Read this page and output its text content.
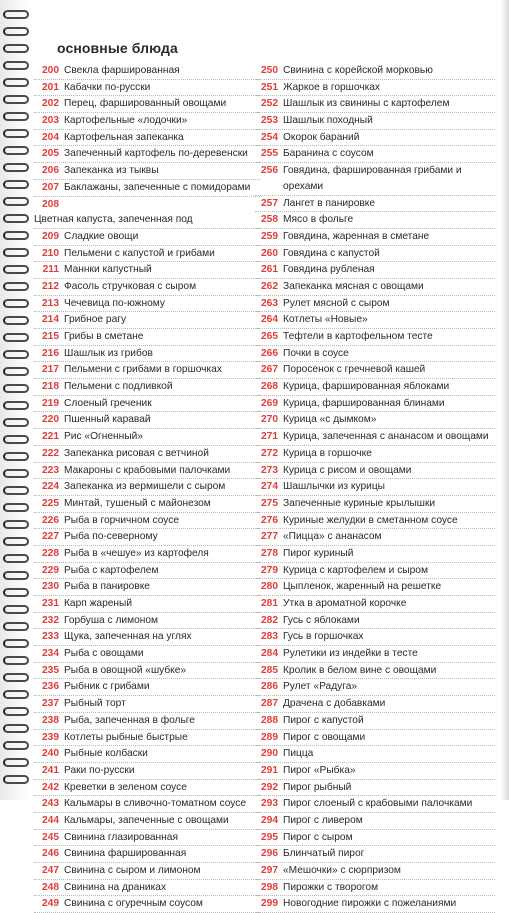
основные блюда
200 Свекла фаршированная
201 Кабачки по-русски
202 Перец, фаршированный овощами
203 Картофельные «лодочки»
204 Картофельная запеканка
205 Запеченный картофель по-деревенски
206 Запеканка из тыквы
207 Баклажаны, запеченные с помидорами
208Цветная капуста, запеченная под
209 Сладкие овощи
210 Пельмени с капустой и грибами
211 Маннки капустный
212 Фасоль стручковая с сыром
213 Чечевица по-южному
214 Грибное рагу
215 Грибы в сметане
216 Шашлык из грибов
217 Пельмени с грибами в горшочках
218 Пельмени с подливкой
219 Слоеный греченик
220 Пшенный каравай
221 Рис «Огненный»
222 Запеканка рисовая с ветчиной
223 Макароны с крабовыми палочками
224 Запеканка из вермишели с сыром
225 Минтай, тушеный с майонезом
226 Рыба в горчичном соусе
227 Рыба по-северному
228 Рыба в «чешуе» из картофеля
229 Рыба с картофелем
230 Рыба в панировке
231 Карп жареный
232 Горбуша с лимоном
233 Щука, запеченная на углях
234 Рыба с овощами
235 Рыба в овощной «шубке»
236 Рыбник с грибами
237 Рыбный торт
238 Рыба, запеченная в фольге
239 Котлеты рыбные быстрые
240 Рыбные колбаски
241 Раки по-русски
242 Креветки в зеленом соусе
243 Кальмары в сливочно-томатном соусе
244 Кальмары, запеченные с овощами
245 Свинина глазированная
246 Свинина фаршированная
247 Свинина с сыром и лимоном
248 Свинина на драниках
249 Свинина с огуречным соусом
250 Свинина с корейской морковью
251 Жаркое в горшочках
252 Шашлык из свинины с картофелем
253 Шашлык походный
254 Окорок бараний
255 Баранина с соусом
256 Говядина, фаршированная грибами и орехами
257 Лангет в панировке
258 Мясо в фольге
259 Говядина, жаренная в сметане
260 Говядина с капустой
261 Говядина рубленая
262 Запеканка мясная с овощами
263 Рулет мясной с сыром
264 Котлеты «Новые»
265 Тефтели в картофельном тесте
266 Почки в соусе
267 Поросенок с гречневой кашей
268 Курица, фаршированная яблоками
269 Курица, фаршированная блинами
270 Курица «с дымком»
271 Курица, запеченная с ананасом и овощами
272 Курица в горшочке
273 Курица с рисом и овощами
274 Шашлычки из курицы
275 Запеченные куриные крылышки
276 Куриные желудки в сметанном соусе
277 «Пицца» с ананасом
278 Пирог куриный
279 Курица с картофелем и сыром
280 Цыпленок, жаренный на решетке
281 Утка в ароматной корочке
282 Гусь с яблоками
283 Гусь в горшочках
284 Рулетики из индейки в тесте
285 Кролик в белом вине с овощами
286 Рулет «Радуга»
287 Драчена с добавками
288 Пирог с капустой
289 Пирог с овощами
290 Пицца
291 Пирог «Рыбка»
292 Пирог рыбный
293 Пирог слоеный с крабовыми палочками
294 Пирог с ливером
295 Пирог с сыром
296 Блинчатый пирог
297 «Мешочки» с сюрпризом
298 Пирожки с творогом
299 Новогодние пирожки с пожеланиями
